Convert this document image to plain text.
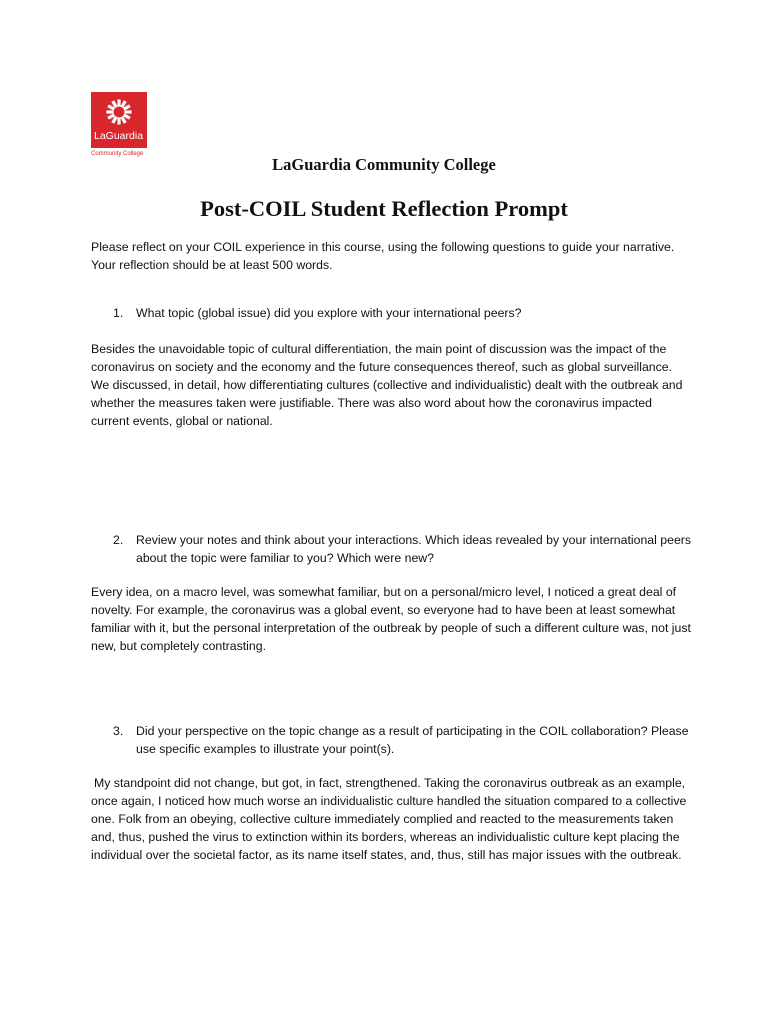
LaGuardia
Community College
LaGuardia Community College
Post-COIL Student Reflection Prompt

Please reflect on your COIL experience in this course, using the following questions to guide your narrative. Your reflection should be at least 500 words.

1. What topic (global issue) did you explore with your international peers?

Besides the unavoidable topic of cultural differentiation, the main point of discussion was the impact of the coronavirus on society and the economy and the future consequences thereof, such as global surveillance. We discussed, in detail, how differentiating cultures (collective and individualistic) dealt with the outbreak and whether the measures taken were justifiable. There was also word about how the coronavirus impacted current events, global or national.

2. Review your notes and think about your interactions. Which ideas revealed by your international peers about the topic were familiar to you? Which were new?

Every idea, on a macro level, was somewhat familiar, but on a personal/micro level, I noticed a great deal of novelty. For example, the coronavirus was a global event, so everyone had to have been at least somewhat familiar with it, but the personal interpretation of the outbreak by people of such a different culture was, not just new, but completely contrasting.

3. Did your perspective on the topic change as a result of participating in the COIL collaboration? Please use specific examples to illustrate your point(s).

My standpoint did not change, but got, in fact, strengthened. Taking the coronavirus outbreak as an example, once again, I noticed how much worse an individualistic culture handled the situation compared to a collective one. Folk from an obeying, collective culture immediately complied and reacted to the measurements taken and, thus, pushed the virus to extinction within its borders, whereas an individualistic culture kept placing the individual over the societal factor, as its name itself states, and, thus, still has major issues with the outbreak.
